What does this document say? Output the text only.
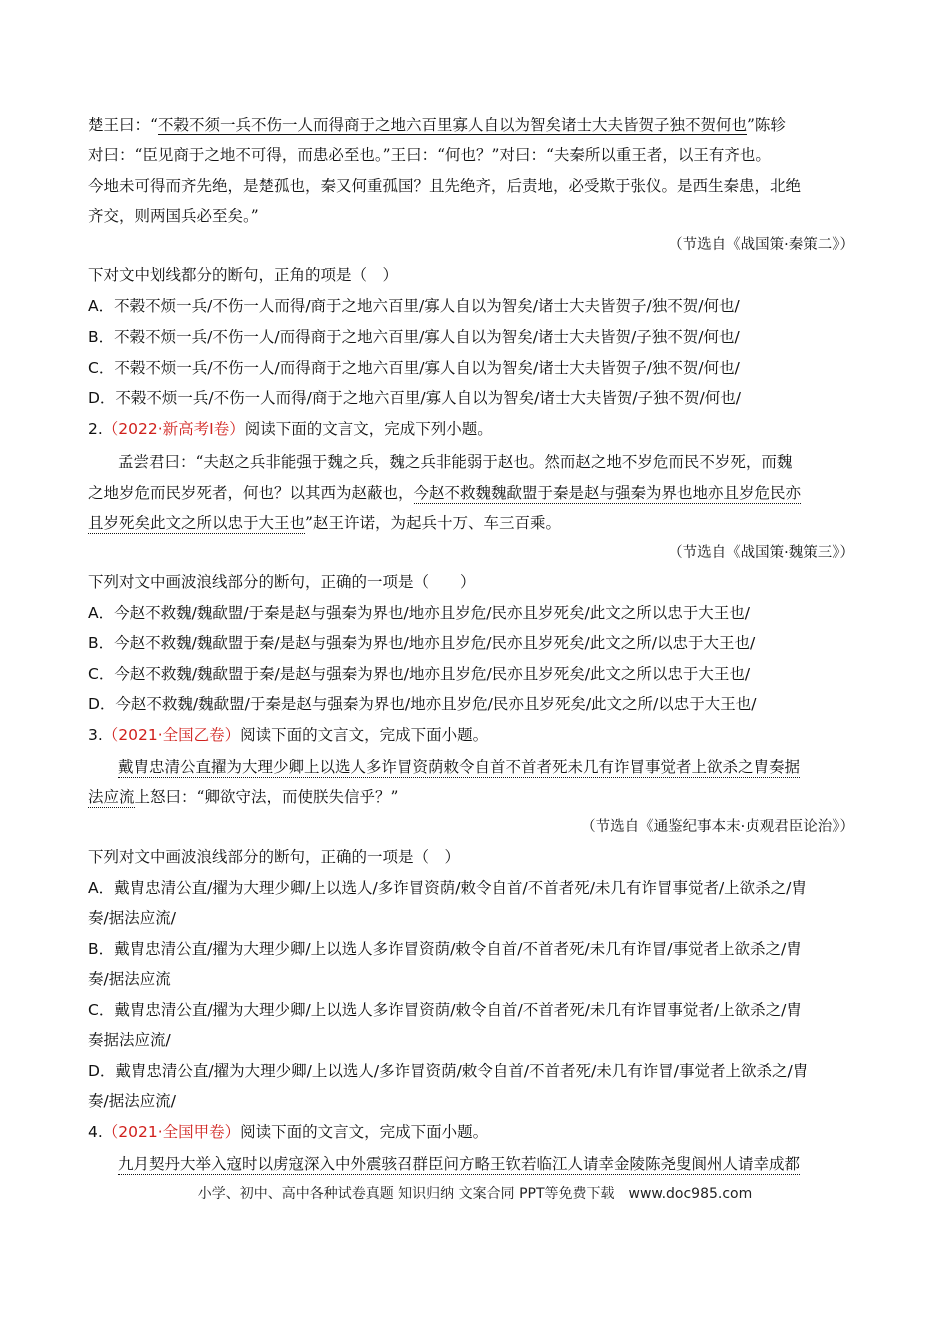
楚王曰：“不榖不须一兵不伤一人而得商于之地六百里寡人自以为智矣诸士大夫皆贺子独不贺何也”陈轸
对曰：“臣见商于之地不可得，而患必至也。”王曰：“何也？”对曰：“夫秦所以重王者，以王有齐也。
今地未可得而齐先绝，是楚孤也，秦又何重孤国？且先绝齐，后责地，必受欺于张仪。是西生秦患，北绝
齐交，则两国兵必至矣。”
（节选自《战国策·秦策二》）
下对文中划线都分的断句，正角的项是（　）
A．不榖不烦一兵/不伤一人而得/商于之地六百里/寡人自以为智矣/诸士大夫皆贺子/独不贺/何也/
B．不榖不烦一兵/不伤一人/而得商于之地六百里/寡人自以为智矣/诸士大夫皆贺/子独不贺/何也/
C．不榖不烦一兵/不伤一人/而得商于之地六百里/寡人自以为智矣/诸士大夫皆贺子/独不贺/何也/
D．不榖不烦一兵/不伤一人而得/商于之地六百里/寡人自以为智矣/诸士大夫皆贺/子独不贺/何也/
2.（2022·新高考I卷）阅读下面的文言文，完成下列小题。
孟尝君曰：“夫赵之兵非能强于魏之兵，魏之兵非能弱于赵也。然而赵之地不岁危而民不岁死，而魏
之地岁危而民岁死者，何也？以其西为赵蔽也，今赵不救魏魏歃盟于秦是赵与强秦为界也地亦且岁危民亦
且岁死矣此文之所以忠于大王也”赵王许诺，为起兵十万、车三百乘。
（节选自《战国策·魏策三》）
下列对文中画波浪线部分的断句，正确的一项是（　　）
A．今赵不救魏/魏歃盟/于秦是赵与强秦为界也/地亦且岁危/民亦且岁死矣/此文之所以忠于大王也/
B．今赵不救魏/魏歃盟于秦/是赵与强秦为界也/地亦且岁危/民亦且岁死矣/此文之所/以忠于大王也/
C．今赵不救魏/魏歃盟于秦/是赵与强秦为界也/地亦且岁危/民亦且岁死矣/此文之所以忠于大王也/
D．今赵不救魏/魏歃盟/于秦是赵与强秦为界也/地亦且岁危/民亦且岁死矣/此文之所/以忠于大王也/
3.（2021·全国乙卷）阅读下面的文言文，完成下面小题。
戴胄忠清公直擢为大理少卿上以选人多诈冒资荫敕令自首不首者死未几有诈冒事觉者上欲杀之胄奏据
法应流上怒曰：“卿欲守法，而使朕失信乎？”
（节选自《通鉴纪事本末·贞观君臣论治》）
下列对文中画波浪线部分的断句，正确的一项是（　）
A．戴胄忠清公直/擢为大理少卿/上以选人/多诈冒资荫/敕令自首/不首者死/未几有诈冒事觉者/上欲杀之/胄
奏/据法应流/
B．戴胄忠清公直/擢为大理少卿/上以选人多诈冒资荫/敕令自首/不首者死/未几有诈冒/事觉者上欲杀之/胄
奏/据法应流
C．戴胄忠清公直/擢为大理少卿/上以选人多诈冒资荫/敕令自首/不首者死/未几有诈冒事觉者/上欲杀之/胄
奏据法应流/
D．戴胄忠清公直/擢为大理少卿/上以选人/多诈冒资荫/敕令自首/不首者死/未几有诈冒/事觉者上欲杀之/胄
奏/据法应流/
4.（2021·全国甲卷）阅读下面的文言文，完成下面小题。
九月契丹大举入寇时以虏寇深入中外震骇召群臣问方略王钦若临江人请幸金陵陈尧叟阆州人请幸成都
小学、初中、高中各种试卷真题 知识归纳 文案合同 PPT等免费下载 www.doc985.com
